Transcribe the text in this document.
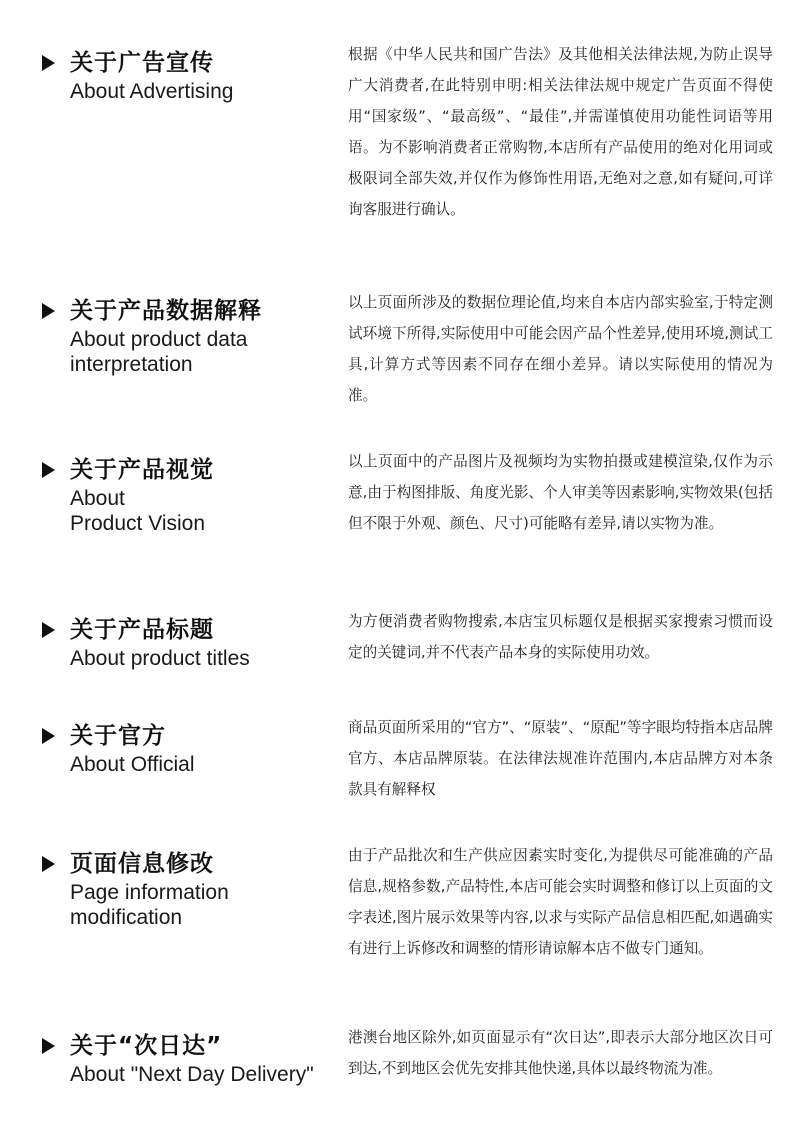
关于广告宣传
About Advertising
根据《中华人民共和国广告法》及其他相关法律法规,为防止误导广大消费者,在此特别申明:相关法律法规中规定广告页面不得使用“国家级”、“最高级”、“最佳”,并需谨慎使用功能性词语等用语。为不影响消费者正常购物,本店所有产品使用的绝对化用词或极限词全部失效,并仅作为修饰性用语,无绝对之意,如有疑问,可详询客服进行确认。
关于产品数据解释
About product data
interpretation
以上页面所涉及的数据位理论值,均来自本店内部实验室,于特定测试环境下所得,实际使用中可能会因产品个性差异,使用环境,测试工具,计算方式等因素不同存在细小差异。请以实际使用的情况为准。
关于产品视觉
About
Product Vision
以上页面中的产品图片及视频均为实物拍摄或建模渲染,仅作为示意,由于构图排版、角度光影、个人审美等因素影响,实物效果(包括但不限于外观、颜色、尺寸)可能略有差异,请以实物为准。
关于产品标题
About product titles
为方便消费者购物搜索,本店宝贝标题仅是根据买家搜索习惯而设定的关键词,并不代表产品本身的实际使用功效。
关于官方
About Official
商品页面所采用的“官方”、“原装”、“原配”等字眼均特指本店品牌官方、本店品牌原装。在法律法规准许范围内,本店品牌方对本条款具有解释权
页面信息修改
Page information
modification
由于产品批次和生产供应因素实时变化,为提供尽可能准确的产品信息,规格参数,产品特性,本店可能会实时调整和修订以上页面的文字表述,图片展示效果等内容,以求与实际产品信息相匹配,如遇确实有进行上诉修改和调整的情形请谅解本店不做专门通知。
关于“次日达”
About "Next Day Delivery"
港澳台地区除外,如页面显示有“次日达”,即表示大部分地区次日可到达,不到地区会优先安排其他快递,具体以最终物流为准。
